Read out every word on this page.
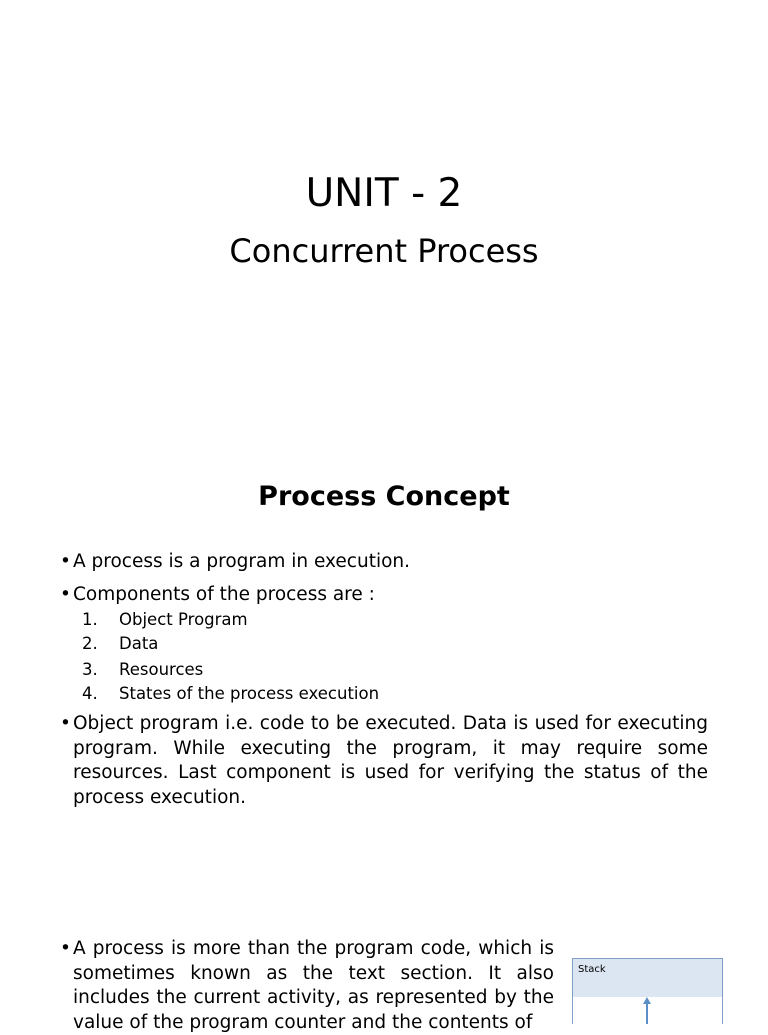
UNIT - 2
Concurrent Process
Process Concept
• A process is a program in execution.
• Components of the process are :
1. Object Program
2. Data
3. Resources
4. States of the process execution
• Object program i.e. code to be executed. Data is used for executing program. While executing the program, it may require some resources. Last component is used for verifying the status of the process execution.
• A process is more than the program code, which is sometimes known as the text section. It also includes the current activity, as represented by the value of the program counter and the contents of
Stack
